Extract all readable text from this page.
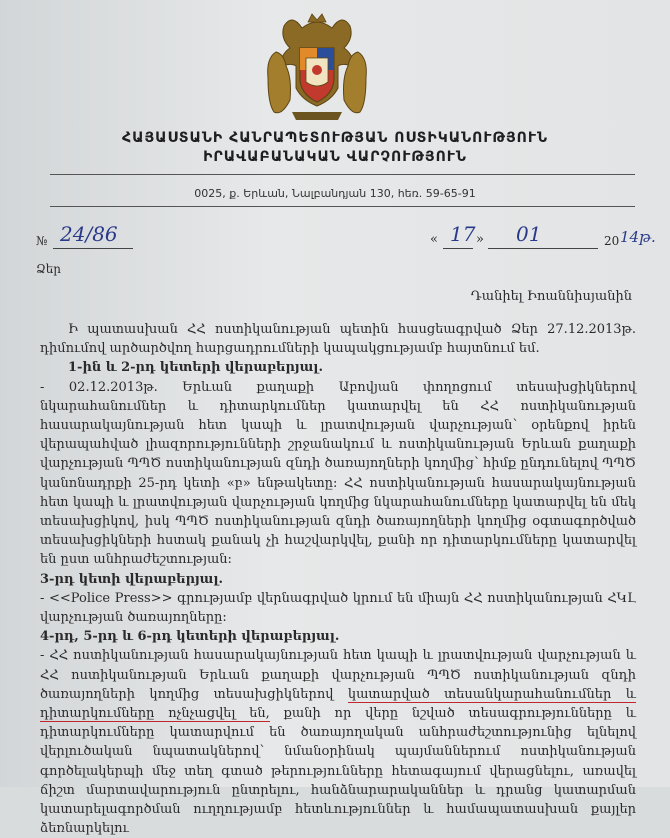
ՀԱՅԱՍՏԱՆԻ ՀԱՆՐԱՊԵՏՈՒԹՅԱՆ ՈՍՏԻԿԱՆՈՒԹՅՈՒՆ
ԻՐԱՎԱԲԱՆԱԿԱՆ ՎԱՐՉՈՒԹՅՈՒՆ
0025, ք. Երևան, Նալբանդյան 130, հեռ. 59-65-91
№ 24/86	« 17 » 01	20 14թ.
Ձեր
Դանիել Իոաննիսյանին

Ի պատասխան ՀՀ ոստիկանության պետին հասցեագրված Ձեր 27.12.2013թ. դիմումով արծարծվող հարցադրումների կապակցությամբ հայտնում եմ.

1-ին և 2-րդ կետերի վերաբերյալ.

- 02.12.2013թ. Երևան քաղաքի Աբովյան փողոցում տեսախցիկներով նկարահանումներ և դիտարկումներ կատարվել են ՀՀ ոստիկանության հասարակայնության հետ կապի և լրատվության վարչության՝ օրենքով իրեն վերապահված լիազորությունների շրջանակում և ոստիկանության Երևան քաղաքի վարչության ՊՊԾ ոստիկանության զնդի ծառայողների կողմից՝ հիմք ընդունելով ՊՊԾ կանոնադրքի 25-րդ կետի «բ» ենթակետը: ՀՀ ոստիկանության հասարակայնության հետ կապի և լրատվության վարչության կողմից նկարահանումները կատարվել են մեկ տեսախցիկով, իսկ ՊՊԾ ոստիկանության զնդի ծառայողների կողմից օգտագործված տեսախցիկների հստակ քանակ չի հաշվարկվել, քանի որ դիտարկումները կատարվել են ըստ անհրաժեշտության:

3-րդ կետի վերաբերյալ.

- <<Police Press>> գրությամբ վերնագրված կրում են միայն ՀՀ ոստիկանության ՀԿԼ վարչության ծառայողները:

4-րդ, 5-րդ և 6-րդ կետերի վերաբերյալ.

- ՀՀ ոստիկանության հասարակայնության հետ կապի և լրատվության վարչության և ՀՀ ոստիկանության Երևան քաղաքի վարչության ՊՊԾ ոստիկանության զնդի ծառայողների կողմից տեսախցիկներով կատարված տեսանկարահանումներ և դիտարկումները ոչնչացվել են, քանի որ վերը նշված տեսագրությունները և դիտարկումները կատարվում են ծառայողական անհրաժեշտությունից ելնելով վերլուծական նպատակներով՝ նմանօրինակ պայմաններում ոստիկանության գործելակերպի մեջ տեղ գտած թերությունները հետագայում վերացնելու, առավել ճիշտ մարտավարություն ընտրելու, հանձնարարականներ և դրանց կատարման կատարելագործման ուղղությամբ հետևություններ և համապատասխան քայլեր ձեռնարկելու
